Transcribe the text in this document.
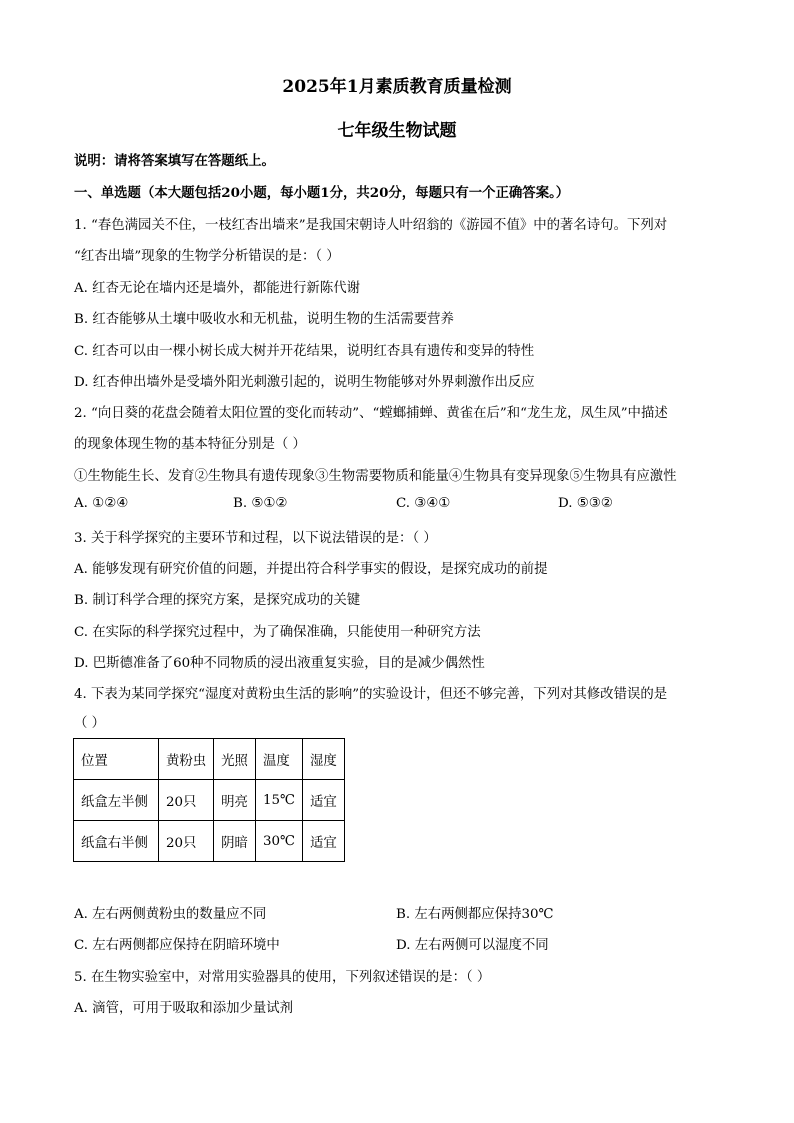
2025年1月素质教育质量检测
七年级生物试题
说明：请将答案填写在答题纸上。
一、单选题（本大题包括20小题，每小题1分，共20分，每题只有一个正确答案。）
1. “春色满园关不住，一枝红杏出墙来”是我国宋朝诗人叶绍翁的《游园不值》中的著名诗句。下列对
“红杏出墙”现象的生物学分析错误的是：（ ）
A. 红杏无论在墙内还是墙外，都能进行新陈代谢
B. 红杏能够从土壤中吸收水和无机盐，说明生物的生活需要营养
C. 红杏可以由一棵小树长成大树并开花结果，说明红杏具有遗传和变异的特性
D. 红杏伸出墙外是受墙外阳光刺激引起的，说明生物能够对外界刺激作出反应
2. “向日葵的花盘会随着太阳位置的变化而转动”、“螳螂捕蝉、黄雀在后”和“龙生龙，凤生凤”中描述
的现象体现生物的基本特征分别是（ ）
①生物能生长、发育②生物具有遗传现象③生物需要物质和能量④生物具有变异现象⑤生物具有应激性
A. ①②④	B. ⑤①②	C. ③④①	D. ⑤③②
3. 关于科学探究的主要环节和过程，以下说法错误的是：（ ）
A. 能够发现有研究价值的问题，并提出符合科学事实的假设，是探究成功的前提
B. 制订科学合理的探究方案，是探究成功的关键
C. 在实际的科学探究过程中，为了确保准确，只能使用一种研究方法
D. 巴斯德准备了60种不同物质的浸出液重复实验，目的是减少偶然性
4. 下表为某同学探究“湿度对黄粉虫生活的影响”的实验设计，但还不够完善，下列对其修改错误的是
（ ）
位置	黄粉虫	光照	温度	湿度
纸盒左半侧	20只	明亮	15℃	适宜
纸盒右半侧	20只	阴暗	30℃	适宜
A. 左右两侧黄粉虫的数量应不同	B. 左右两侧都应保持30℃
C. 左右两侧都应保持在阴暗环境中	D. 左右两侧可以湿度不同
5. 在生物实验室中，对常用实验器具的使用，下列叙述错误的是：（ ）
A. 滴管，可用于吸取和添加少量试剂
